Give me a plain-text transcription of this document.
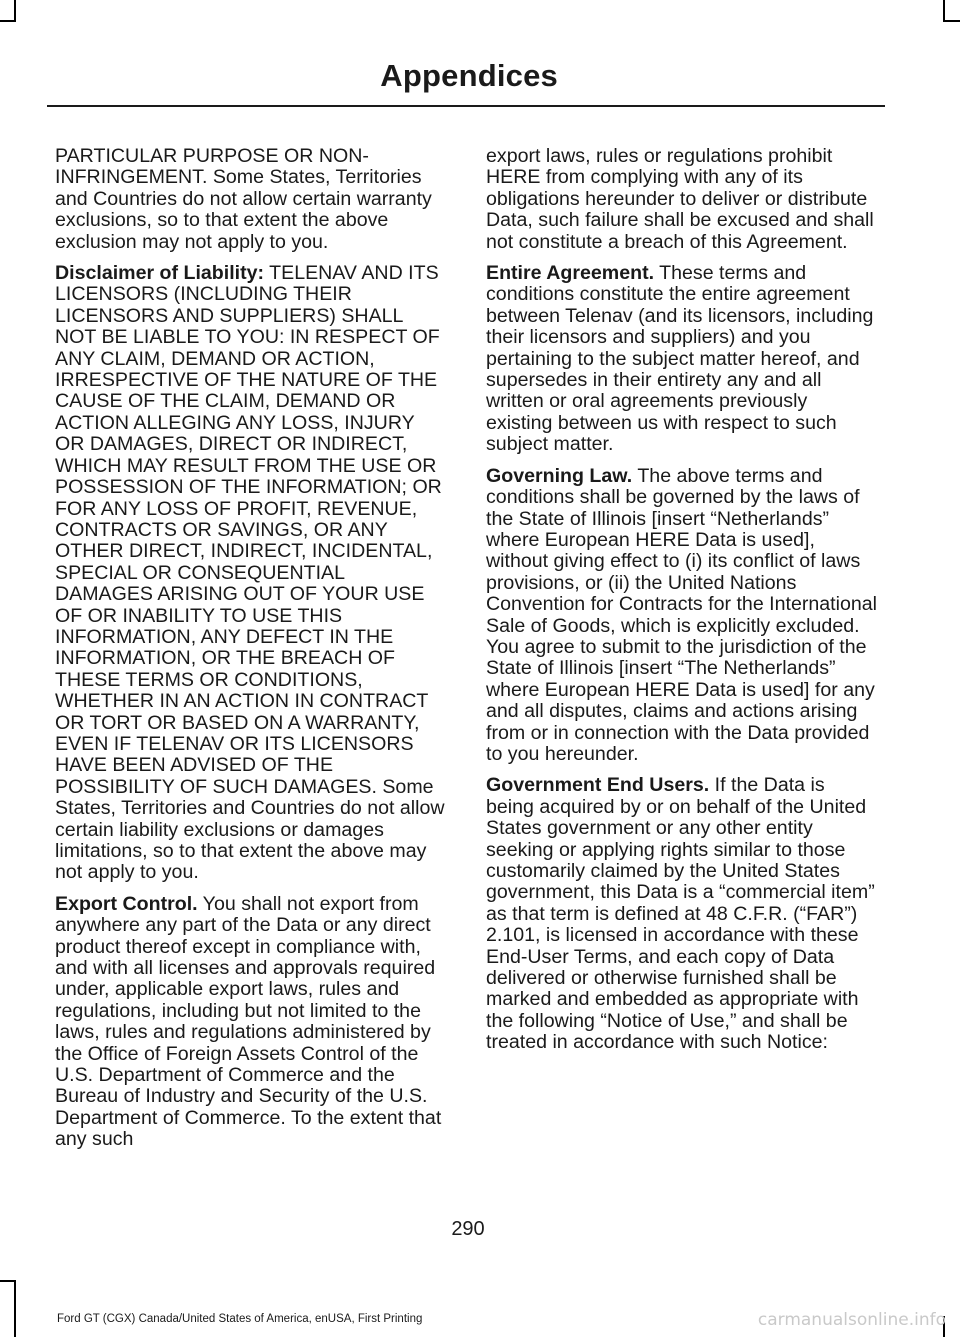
Appendices

PARTICULAR PURPOSE OR NON-INFRINGEMENT. Some States, Territories and Countries do not allow certain warranty exclusions, so to that extent the above exclusion may not apply to you.

Disclaimer of Liability: TELENAV AND ITS LICENSORS (INCLUDING THEIR LICENSORS AND SUPPLIERS) SHALL NOT BE LIABLE TO YOU: IN RESPECT OF ANY CLAIM, DEMAND OR ACTION, IRRESPECTIVE OF THE NATURE OF THE CAUSE OF THE CLAIM, DEMAND OR ACTION ALLEGING ANY LOSS, INJURY OR DAMAGES, DIRECT OR INDIRECT, WHICH MAY RESULT FROM THE USE OR POSSESSION OF THE INFORMATION; OR FOR ANY LOSS OF PROFIT, REVENUE, CONTRACTS OR SAVINGS, OR ANY OTHER DIRECT, INDIRECT, INCIDENTAL, SPECIAL OR CONSEQUENTIAL DAMAGES ARISING OUT OF YOUR USE OF OR INABILITY TO USE THIS INFORMATION, ANY DEFECT IN THE INFORMATION, OR THE BREACH OF THESE TERMS OR CONDITIONS, WHETHER IN AN ACTION IN CONTRACT OR TORT OR BASED ON A WARRANTY, EVEN IF TELENAV OR ITS LICENSORS HAVE BEEN ADVISED OF THE POSSIBILITY OF SUCH DAMAGES. Some States, Territories and Countries do not allow certain liability exclusions or damages limitations, so to that extent the above may not apply to you.

Export Control. You shall not export from anywhere any part of the Data or any direct product thereof except in compliance with, and with all licenses and approvals required under, applicable export laws, rules and regulations, including but not limited to the laws, rules and regulations administered by the Office of Foreign Assets Control of the U.S. Department of Commerce and the Bureau of Industry and Security of the U.S. Department of Commerce. To the extent that any such

export laws, rules or regulations prohibit HERE from complying with any of its obligations hereunder to deliver or distribute Data, such failure shall be excused and shall not constitute a breach of this Agreement.

Entire Agreement. These terms and conditions constitute the entire agreement between Telenav (and its licensors, including their licensors and suppliers) and you pertaining to the subject matter hereof, and supersedes in their entirety any and all written or oral agreements previously existing between us with respect to such subject matter.

Governing Law. The above terms and conditions shall be governed by the laws of the State of Illinois [insert “Netherlands” where European HERE Data is used], without giving effect to (i) its conflict of laws provisions, or (ii) the United Nations Convention for Contracts for the International Sale of Goods, which is explicitly excluded. You agree to submit to the jurisdiction of the State of Illinois [insert “The Netherlands” where European HERE Data is used] for any and all disputes, claims and actions arising from or in connection with the Data provided to you hereunder.

Government End Users. If the Data is being acquired by or on behalf of the United States government or any other entity seeking or applying rights similar to those customarily claimed by the United States government, this Data is a “commercial item” as that term is defined at 48 C.F.R. (“FAR”) 2.101, is licensed in accordance with these End-User Terms, and each copy of Data delivered or otherwise furnished shall be marked and embedded as appropriate with the following “Notice of Use,” and shall be treated in accordance with such Notice:

290
Ford GT (CGX) Canada/United States of America, enUSA, First Printing	carmanualsonline.info
